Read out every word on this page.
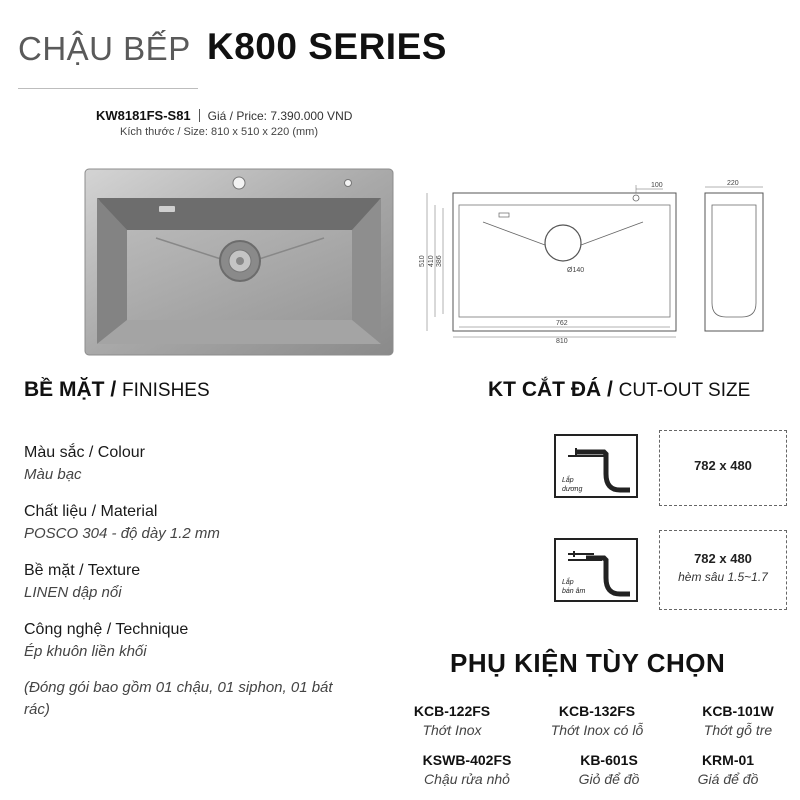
CHẬU BẾP K800 SERIES
KW8181FS-S81 Giá / Price: 7.390.000 VND
Kích thước / Size: 810 x 510 x 220 (mm)
100	220
510 410 386
Ø140
762
810
BỀ MẶT / FINISHES
Màu sắc / Colour
Màu bạc
Chất liệu / Material
POSCO 304 - độ dày 1.2 mm
Bề mặt / Texture
LINEN dập nổi
Công nghệ / Technique
Ép khuôn liền khối
(Đóng gói bao gồm 01 chậu, 01 siphon, 01 bát rác)
KT CẮT ĐÁ / CUT-OUT SIZE
Lắp
dương
782 x 480
Lắp
bán âm
782 x 480
hèm sâu 1.5~1.7
PHỤ KIỆN TÙY CHỌN
KCB-122FS
Thớt Inox
KCB-132FS
Thớt Inox có lỗ
KCB-101W
Thớt gỗ tre
KSWB-402FS
Chậu rửa nhỏ
KB-601S
Giỏ để đồ
KRM-01
Giá để đồ
